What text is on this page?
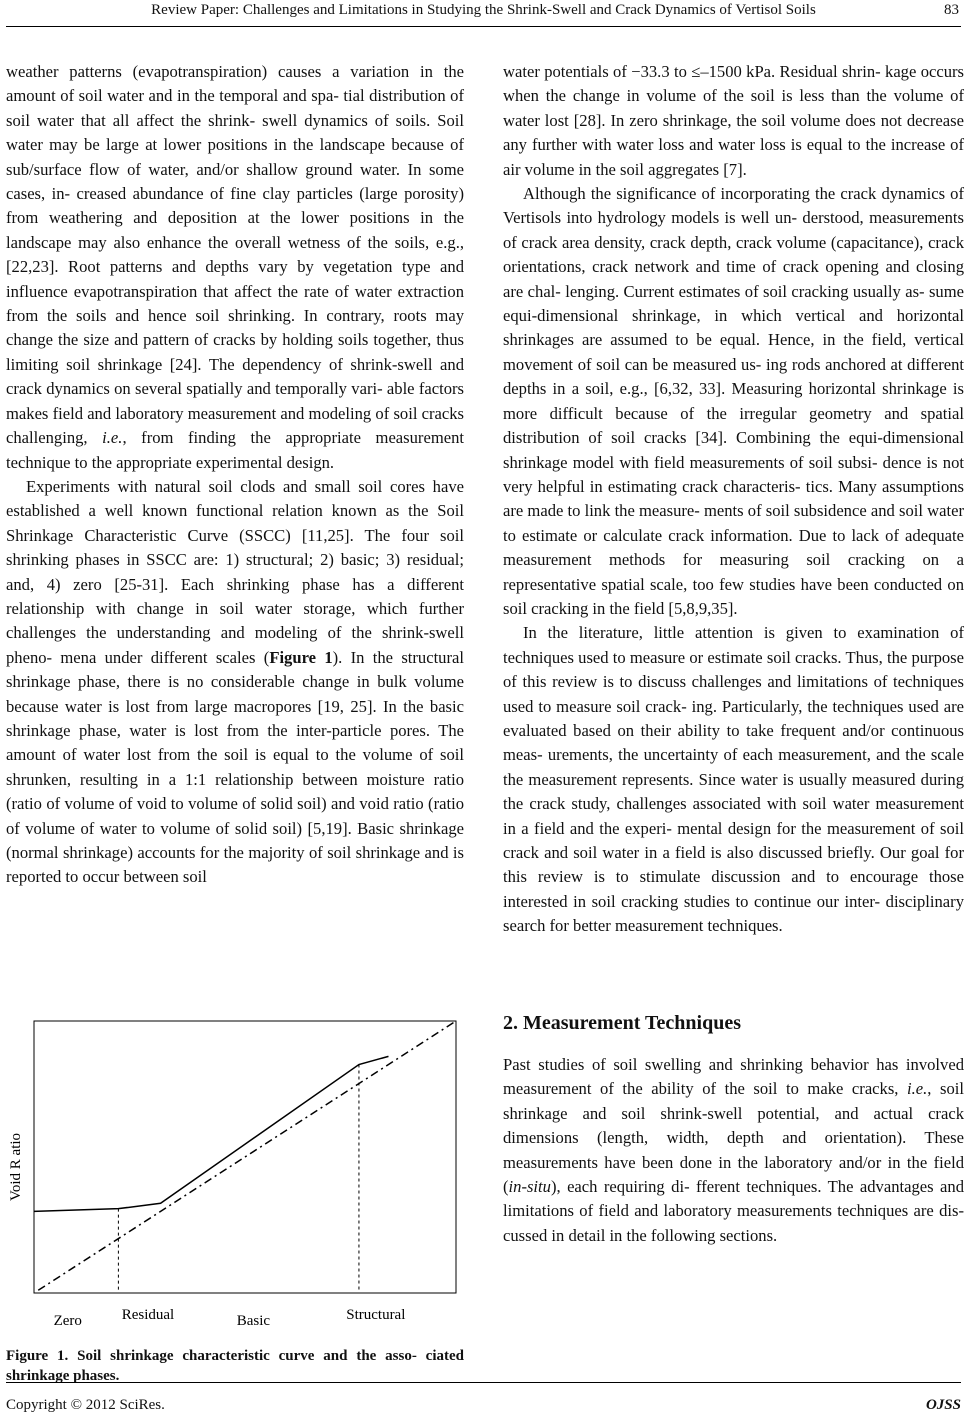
Review Paper: Challenges and Limitations in Studying the Shrink-Swell and Crack Dynamics of Vertisol Soils	83

weather patterns (evapotranspiration) causes a variation in the amount of soil water and in the temporal and spa- tial distribution of soil water that all affect the shrink- swell dynamics of soils. Soil water may be large at lower positions in the landscape because of sub/surface flow of water, and/or shallow ground water. In some cases, in- creased abundance of fine clay particles (large porosity) from weathering and deposition at the lower positions in the landscape may also enhance the overall wetness of the soils, e.g., [22,23]. Root patterns and depths vary by vegetation type and influence evapotranspiration that affect the rate of water extraction from the soils and hence soil shrinking. In contrary, roots may change the size and pattern of cracks by holding soils together, thus limiting soil shrinkage [24]. The dependency of shrink-swell and crack dynamics on several spatially and temporally vari- able factors makes field and laboratory measurement and modeling of soil cracks challenging, i.e., from finding the appropriate measurement technique to the appropriate experimental design.

Experiments with natural soil clods and small soil cores have established a well known functional relation known as the Soil Shrinkage Characteristic Curve (SSCC) [11,25]. The four soil shrinking phases in SSCC are: 1) structural; 2) basic; 3) residual; and, 4) zero [25-31]. Each shrinking phase has a different relationship with change in soil water storage, which further challenges the understanding and modeling of the shrink-swell pheno- mena under different scales (Figure 1). In the structural shrinkage phase, there is no considerable change in bulk volume because water is lost from large macropores [19, 25]. In the basic shrinkage phase, water is lost from the inter-particle pores. The amount of water lost from the soil is equal to the volume of soil shrunken, resulting in a 1:1 relationship between moisture ratio (ratio of volume of void to volume of solid soil) and void ratio (ratio of volume of water to volume of solid soil) [5,19]. Basic shrinkage (normal shrinkage) accounts for the majority of soil shrinkage and is reported to occur between soil

Void R atio
Zero	Residual	Basic	Structural
Figure 1. Soil shrinkage characteristic curve and the asso- ciated shrinkage phases.

water potentials of −33.3 to ≤–1500 kPa. Residual shrin- kage occurs when the change in volume of the soil is less than the volume of water lost [28]. In zero shrinkage, the soil volume does not decrease any further with water loss and water loss is equal to the increase of air volume in the soil aggregates [7].

Although the significance of incorporating the crack dynamics of Vertisols into hydrology models is well un- derstood, measurements of crack area density, crack depth, crack volume (capacitance), crack orientations, crack network and time of crack opening and closing are chal- lenging. Current estimates of soil cracking usually as- sume equi-dimensional shrinkage, in which vertical and horizontal shrinkages are assumed to be equal. Hence, in the field, vertical movement of soil can be measured us- ing rods anchored at different depths in a soil, e.g., [6,32, 33]. Measuring horizontal shrinkage is more difficult because of the irregular geometry and spatial distribution of soil cracks [34]. Combining the equi-dimensional shrinkage model with field measurements of soil subsi- dence is not very helpful in estimating crack characteris- tics. Many assumptions are made to link the measure- ments of soil subsidence and soil water to estimate or calculate crack information. Due to lack of adequate measurement methods for measuring soil cracking on a representative spatial scale, too few studies have been conducted on soil cracking in the field [5,8,9,35].

In the literature, little attention is given to examination of techniques used to measure or estimate soil cracks. Thus, the purpose of this review is to discuss challenges and limitations of techniques used to measure soil crack- ing. Particularly, the techniques used are evaluated based on their ability to take frequent and/or continuous meas- urements, the uncertainty of each measurement, and the scale the measurement represents. Since water is usually measured during the crack study, challenges associated with soil water measurement in a field and the experi- mental design for the measurement of soil crack and soil water in a field is also discussed briefly. Our goal for this review is to stimulate discussion and to encourage those interested in soil cracking studies to continue our inter- disciplinary search for better measurement techniques.

2. Measurement Techniques

Past studies of soil swelling and shrinking behavior has involved measurement of the ability of the soil to make cracks, i.e., soil shrinkage and soil shrink-swell potential, and actual crack dimensions (length, width, depth and orientation). These measurements have been done in the laboratory and/or in the field (in-situ), each requiring di- fferent techniques. The advantages and limitations of field and laboratory measurements techniques are dis- cussed in detail in the following sections.

Copyright © 2012 SciRes.	OJSS
